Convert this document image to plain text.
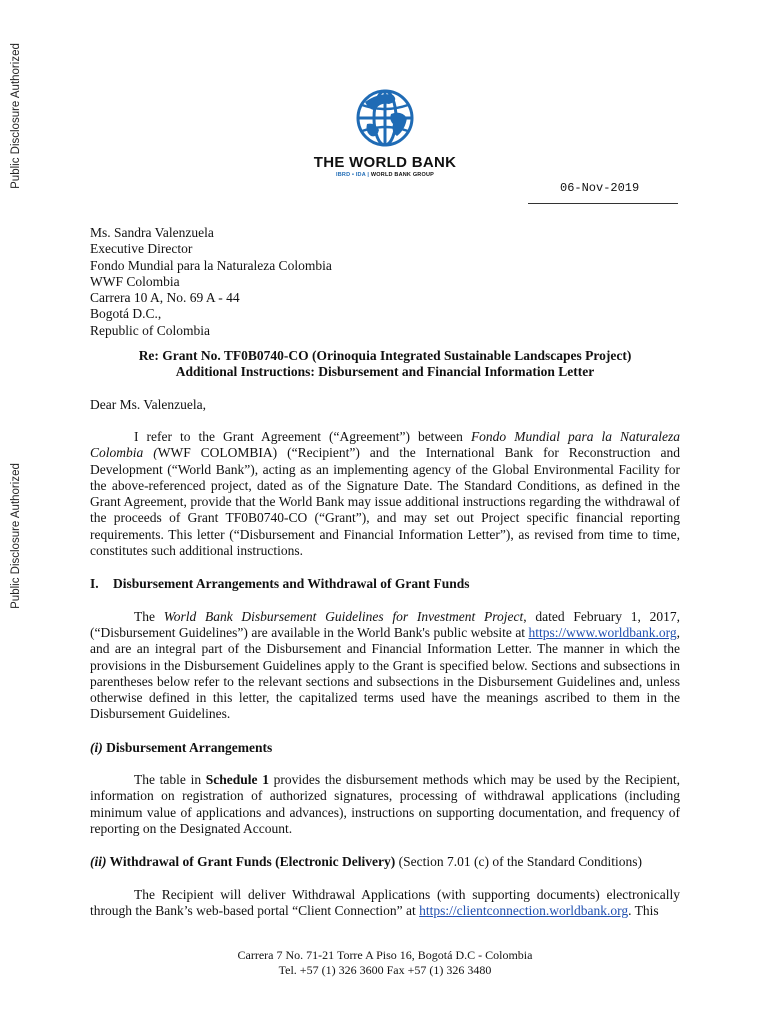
Public Disclosure Authorized
Public Disclosure Authorized
THE WORLD BANK
IBRD • IDA | WORLD BANK GROUP
06-Nov-2019
Ms. Sandra Valenzuela
Executive Director
Fondo Mundial para la Naturaleza Colombia
WWF Colombia
Carrera 10 A, No. 69 A - 44
Bogotá D.C.,
Republic of Colombia
Re: Grant No. TF0B0740-CO (Orinoquia Integrated Sustainable Landscapes Project)
Additional Instructions: Disbursement and Financial Information Letter
Dear Ms. Valenzuela,
I refer to the Grant Agreement (“Agreement”) between Fondo Mundial para la Naturaleza Colombia (WWF COLOMBIA) (“Recipient”) and the International Bank for Reconstruction and Development (“World Bank”), acting as an implementing agency of the Global Environmental Facility for the above-referenced project, dated as of the Signature Date. The Standard Conditions, as defined in the Grant Agreement, provide that the World Bank may issue additional instructions regarding the withdrawal of the proceeds of Grant TF0B0740-CO (“Grant”), and may set out Project specific financial reporting requirements. This letter (“Disbursement and Financial Information Letter”), as revised from time to time, constitutes such additional instructions.
I.	Disbursement Arrangements and Withdrawal of Grant Funds
The World Bank Disbursement Guidelines for Investment Project, dated February 1, 2017, (“Disbursement Guidelines”) are available in the World Bank's public website at https://www.worldbank.org, and are an integral part of the Disbursement and Financial Information Letter. The manner in which the provisions in the Disbursement Guidelines apply to the Grant is specified below. Sections and subsections in parentheses below refer to the relevant sections and subsections in the Disbursement Guidelines and, unless otherwise defined in this letter, the capitalized terms used have the meanings ascribed to them in the Disbursement Guidelines.
(i) Disbursement Arrangements
The table in Schedule 1 provides the disbursement methods which may be used by the Recipient, information on registration of authorized signatures, processing of withdrawal applications (including minimum value of applications and advances), instructions on supporting documentation, and frequency of reporting on the Designated Account.
(ii) Withdrawal of Grant Funds (Electronic Delivery) (Section 7.01 (c) of the Standard Conditions)
The Recipient will deliver Withdrawal Applications (with supporting documents) electronically through the Bank’s web-based portal “Client Connection” at https://clientconnection.worldbank.org. This
Carrera 7 No. 71-21 Torre A Piso 16, Bogotá D.C - Colombia
Tel. +57 (1) 326 3600 Fax +57 (1) 326 3480
